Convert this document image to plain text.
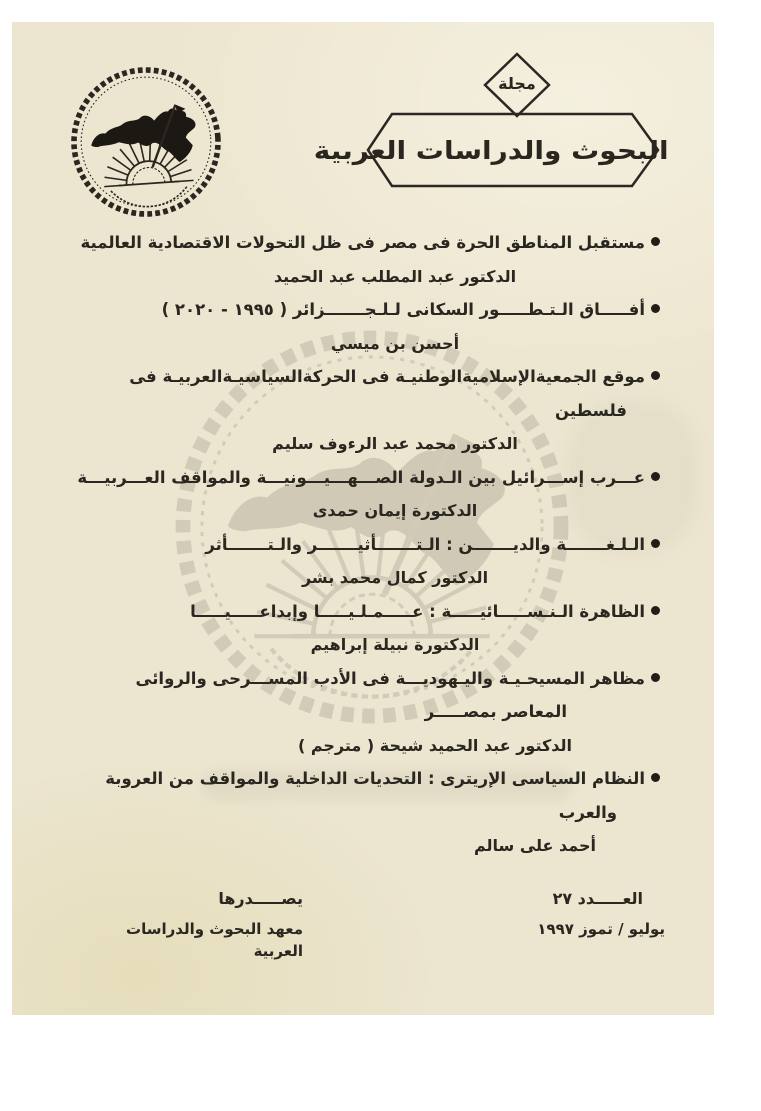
مجلة
البحوث والدراسات العربية
مستقبل المناطق الحرة فى مصر فى ظل التحولات الاقتصادية العالمية
الدكتور عبد المطلب عبد الحميد
أفـــــاق الـتـطـــــور السكانى لـلـجـــــــزائر ( ١٩٩٥ - ٢٠٢٠ )
أحسن بن ميسي
موقع الجمعيةالإسلاميةالوطنيـة فى الحركةالسياسيـةالعربيـة فى
فلسطين
الدكتور محمد عبد الرءوف سليم
عـــرب إســـرائيل بين الـدولة الصـــهـــيـــونيـــة والمواقف العـــربيـــة
الدكتورة إيمان حمدى
الـلـغـــــــة والديـــــــن : الـتـــــــأثيـــــــر والـتـــــــأثر
الدكتور كمال محمد بشر
الظاهرة الـنـســـــائيـــــة : عـــــمـلـيـــــا وإبداعـــــيـــــا
الدكتورة نبيلة إبراهيم
مظاهر المسيحـيـة واليـهوديـــة فى الأدب المســـرحى والروائى
المعاصر بمصـــــر
الدكتور عبد الحميد شيحة ( مترجم )
النظام السياسى الإريترى : التحديات الداخلية والمواقف من العروبة
والعرب
أحمد على سالم
العـــــدد ٢٧
يوليو / تموز ١٩٩٧
يصـــــدرها
معهد البحوث والدراسات العربية
